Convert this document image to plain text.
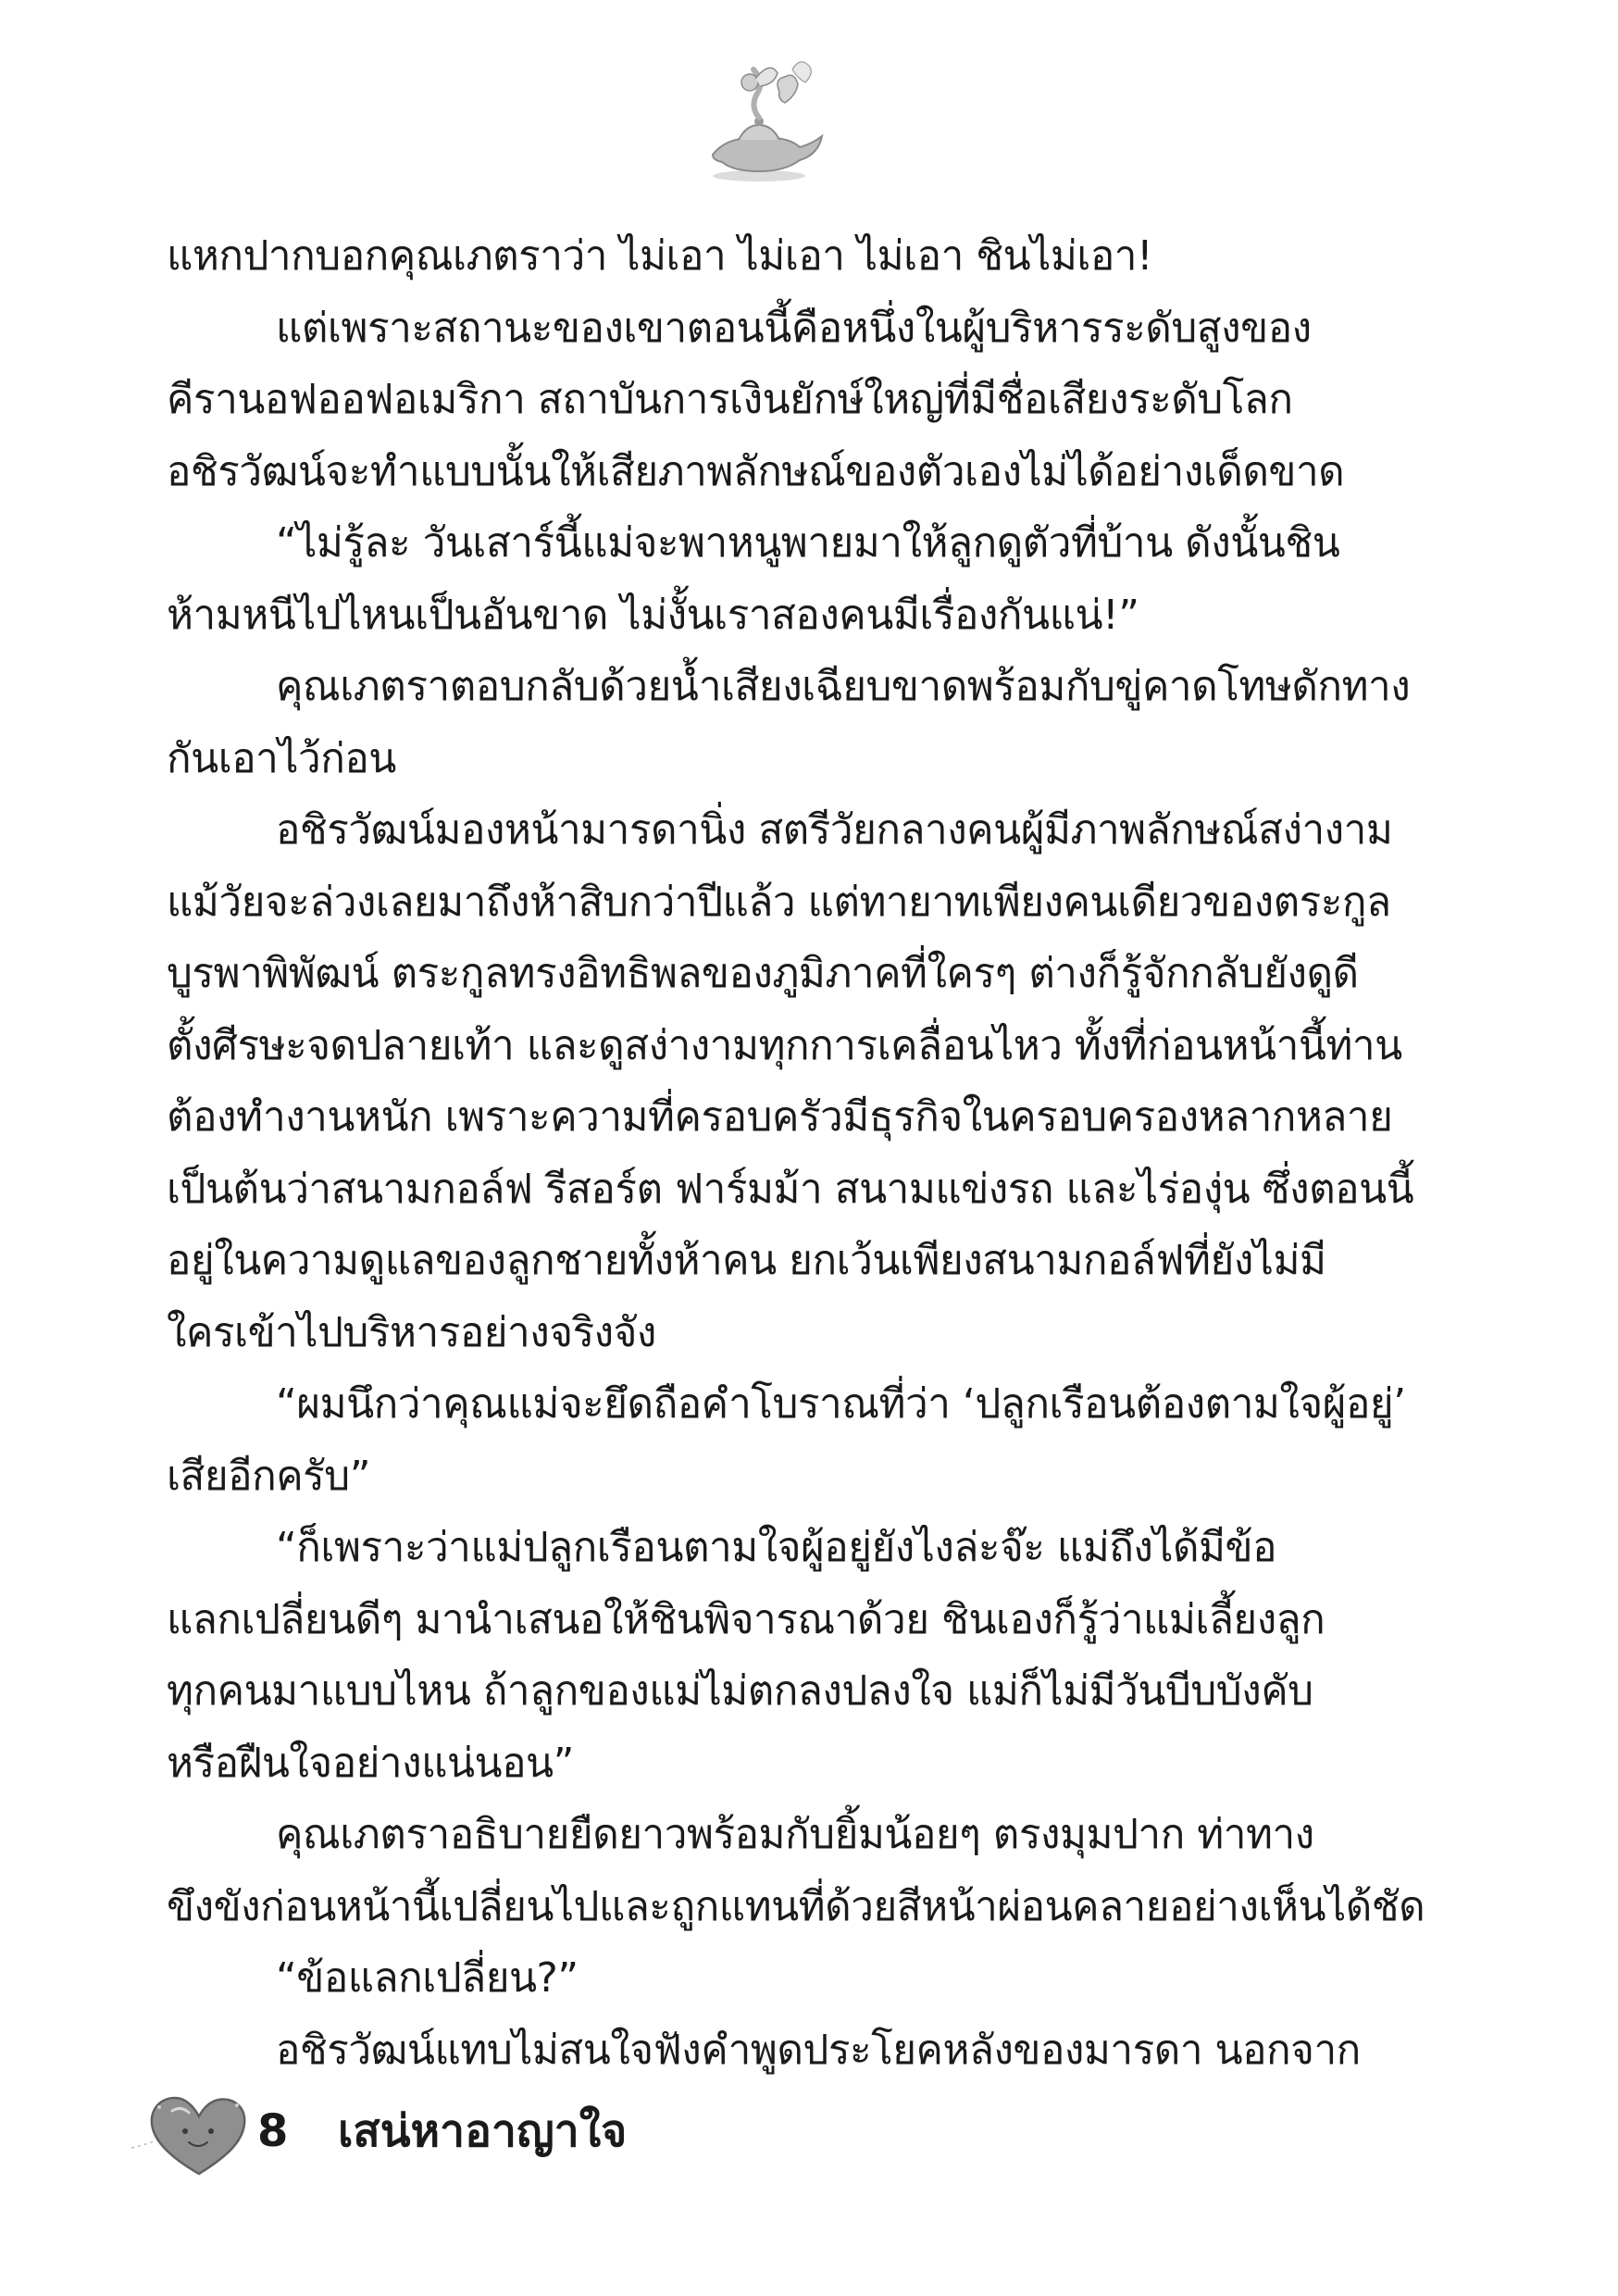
แหกปากบอกคุณเภตราว่า ไม่เอา ไม่เอา ไม่เอา ชินไม่เอา!
แต่เพราะสถานะของเขาตอนนี้คือหนึ่งในผู้บริหารระดับสูงของ
คีรานอฟออฟอเมริกา สถาบันการเงินยักษ์ใหญ่ที่มีชื่อเสียงระดับโลก
อชิรวัฒน์จะทำแบบนั้นให้เสียภาพลักษณ์ของตัวเองไม่ได้อย่างเด็ดขาด
“ไม่รู้ละ วันเสาร์นี้แม่จะพาหนูพายมาให้ลูกดูตัวที่บ้าน ดังนั้นชิน
ห้ามหนีไปไหนเป็นอันขาด ไม่งั้นเราสองคนมีเรื่องกันแน่!”
คุณเภตราตอบกลับด้วยน้ำเสียงเฉียบขาดพร้อมกับขู่คาดโทษดักทาง
กันเอาไว้ก่อน
อชิรวัฒน์มองหน้ามารดานิ่ง สตรีวัยกลางคนผู้มีภาพลักษณ์สง่างาม
แม้วัยจะล่วงเลยมาถึงห้าสิบกว่าปีแล้ว แต่ทายาทเพียงคนเดียวของตระกูล
บูรพาพิพัฒน์ ตระกูลทรงอิทธิพลของภูมิภาคที่ใครๆ ต่างก็รู้จักกลับยังดูดี
ตั้งศีรษะจดปลายเท้า และดูสง่างามทุกการเคลื่อนไหว ทั้งที่ก่อนหน้านี้ท่าน
ต้องทำงานหนัก เพราะความที่ครอบครัวมีธุรกิจในครอบครองหลากหลาย
เป็นต้นว่าสนามกอล์ฟ รีสอร์ต ฟาร์มม้า สนามแข่งรถ และไร่องุ่น ซึ่งตอนนี้
อยู่ในความดูแลของลูกชายทั้งห้าคน ยกเว้นเพียงสนามกอล์ฟที่ยังไม่มี
ใครเข้าไปบริหารอย่างจริงจัง
“ผมนึกว่าคุณแม่จะยึดถือคำโบราณที่ว่า ‘ปลูกเรือนต้องตามใจผู้อยู่’
เสียอีกครับ”
“ก็เพราะว่าแม่ปลูกเรือนตามใจผู้อยู่ยังไงล่ะจ๊ะ แม่ถึงได้มีข้อ
แลกเปลี่ยนดีๆ มานำเสนอให้ชินพิจารณาด้วย ชินเองก็รู้ว่าแม่เลี้ยงลูก
ทุกคนมาแบบไหน ถ้าลูกของแม่ไม่ตกลงปลงใจ แม่ก็ไม่มีวันบีบบังคับ
หรือฝืนใจอย่างแน่นอน”
คุณเภตราอธิบายยืดยาวพร้อมกับยิ้มน้อยๆ ตรงมุมปาก ท่าทาง
ขึงขังก่อนหน้านี้เปลี่ยนไปและถูกแทนที่ด้วยสีหน้าผ่อนคลายอย่างเห็นได้ชัด
“ข้อแลกเปลี่ยน?”
อชิรวัฒน์แทบไม่สนใจฟังคำพูดประโยคหลังของมารดา นอกจาก
8 เสน่หาอาญาใจ
